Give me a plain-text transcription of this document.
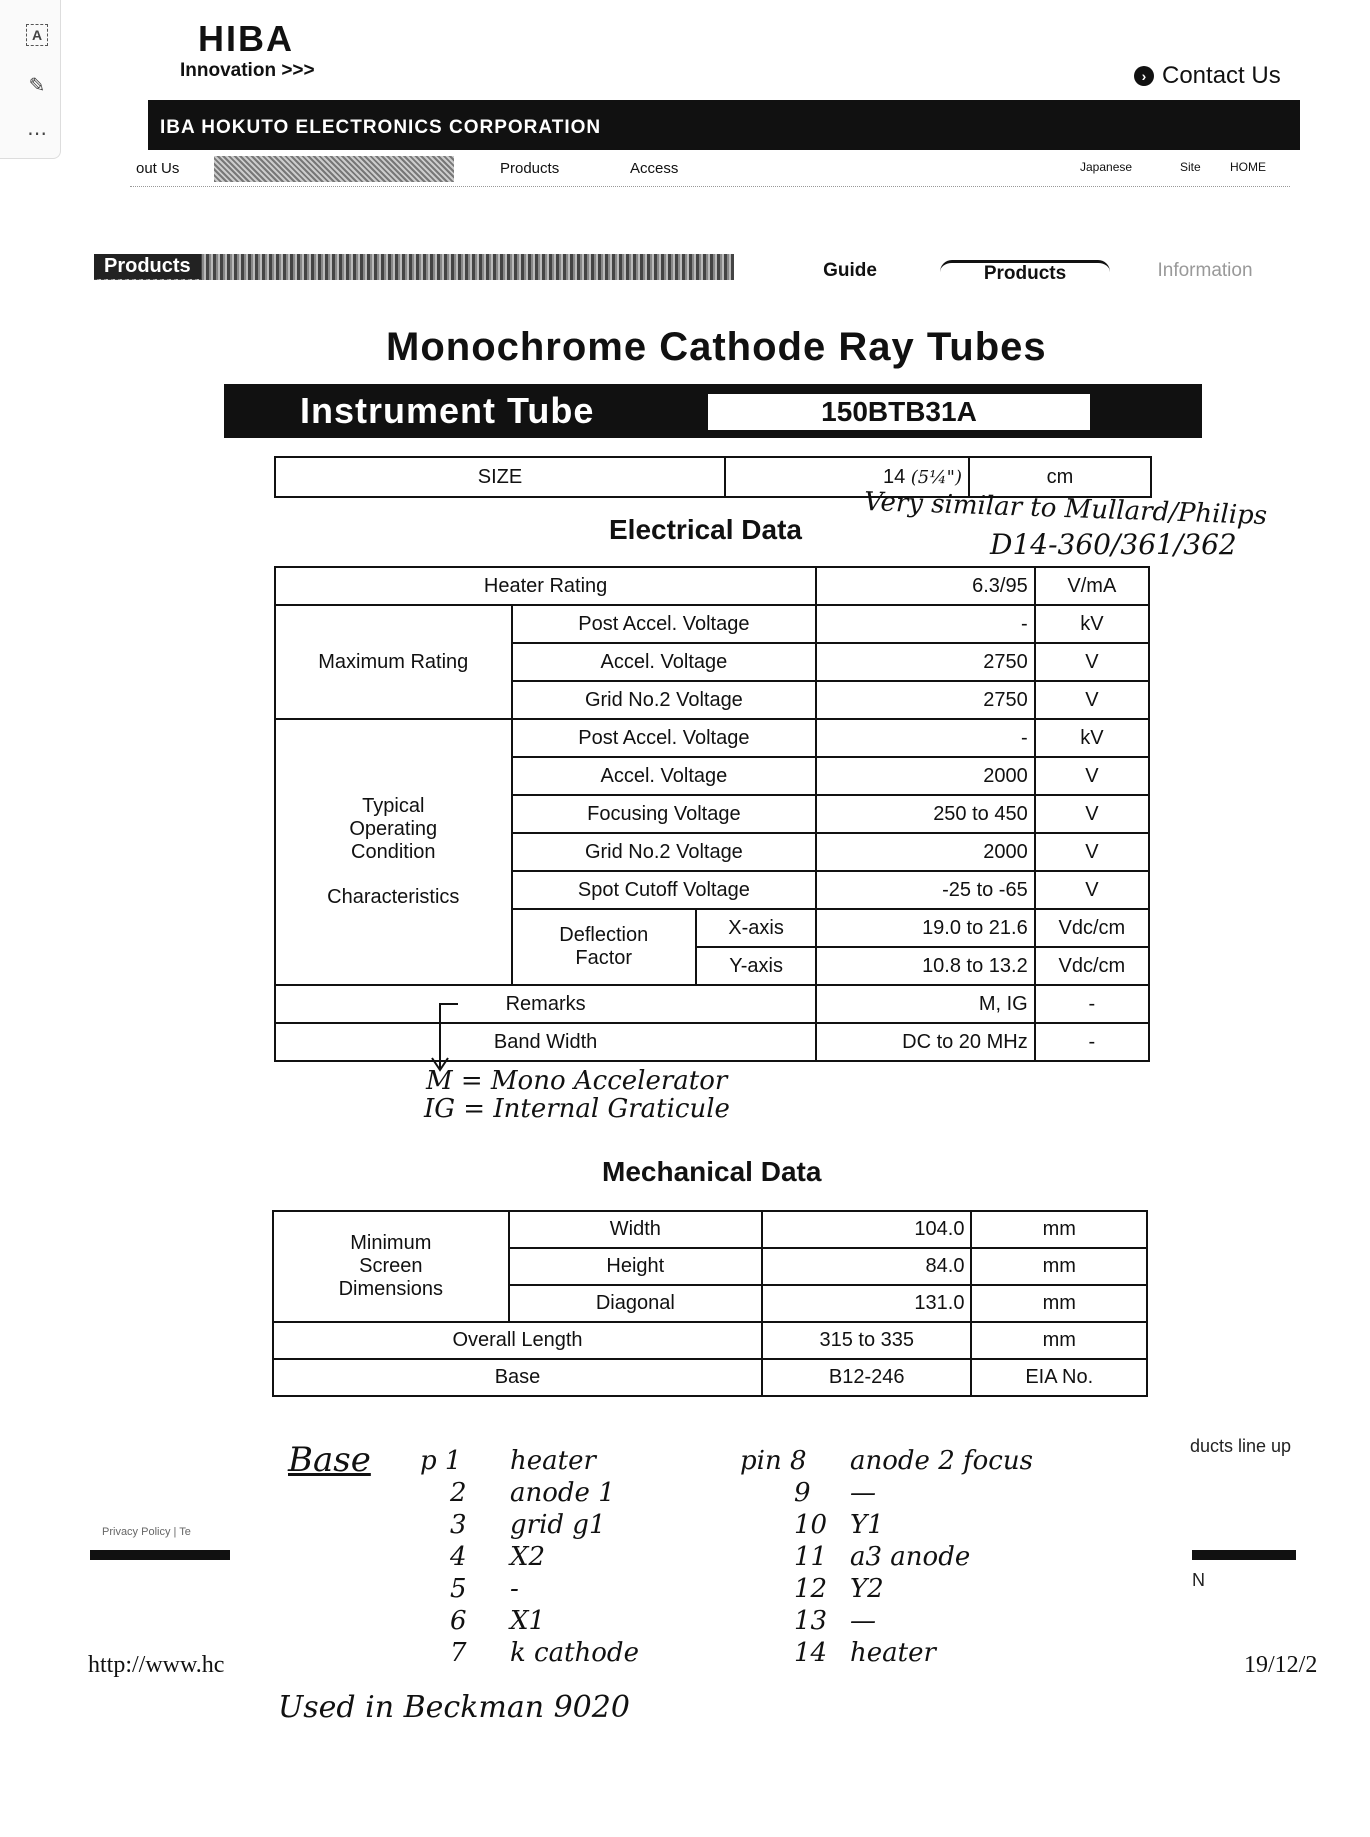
A
✎
⋯
HIBA
Innovation >>>	› Contact Us
IBA HOKUTO ELECTRONICS CORPORATION
out Us	Products	Access	Japanese	Site HOME
Products	Guide	Products	Information
Monochrome Cathode Ray Tubes
Instrument Tube	150BTB31A
SIZE	14 (5¼")	cm
Electrical Data Very similar to Mullard/Philips
D14-360/361/362
Heater Rating			6.3/95	V/mA
Maximum Rating	Post Accel. Voltage		-	kV
	Accel. Voltage		2750	V
	Grid No.2 Voltage		2750	V

Typical Operating Condition
Characteristics	Post Accel. Voltage		-	kV
	Accel. Voltage		2000	V
	Focusing Voltage		250 to 450	V
	Grid No.2 Voltage		2000	V
	Spot Cutoff Voltage		-25 to -65	V

	Deflection Factor	X-axis	19.0 to 21.6	Vdc/cm
		Y-axis	10.8 to 13.2	Vdc/cm
Remarks			M, IG	-
Band Width			DC to 20 MHz	-
M = Mono Accelerator
IG = Internal Graticule
Mechanical Data
Minimum Screen Dimensions	Width	104.0	mm
	Height	84.0	mm
	Diagonal	131.0	mm
Overall Length		315 to 335	mm
Base		B12-246	EIA No.
ducts line up
Privacy Policy | Te
N
http://www.hc	19/12/2
Base p 1 heater
2 anode 1
3 grid g1
4 X2
5 -
6 X1
7 k cathode
pin 8 anode 2 focus
9 —
10 Y1
11 a3 anode
12 Y2
13 —
14 heater
Used in Beckman 9020
